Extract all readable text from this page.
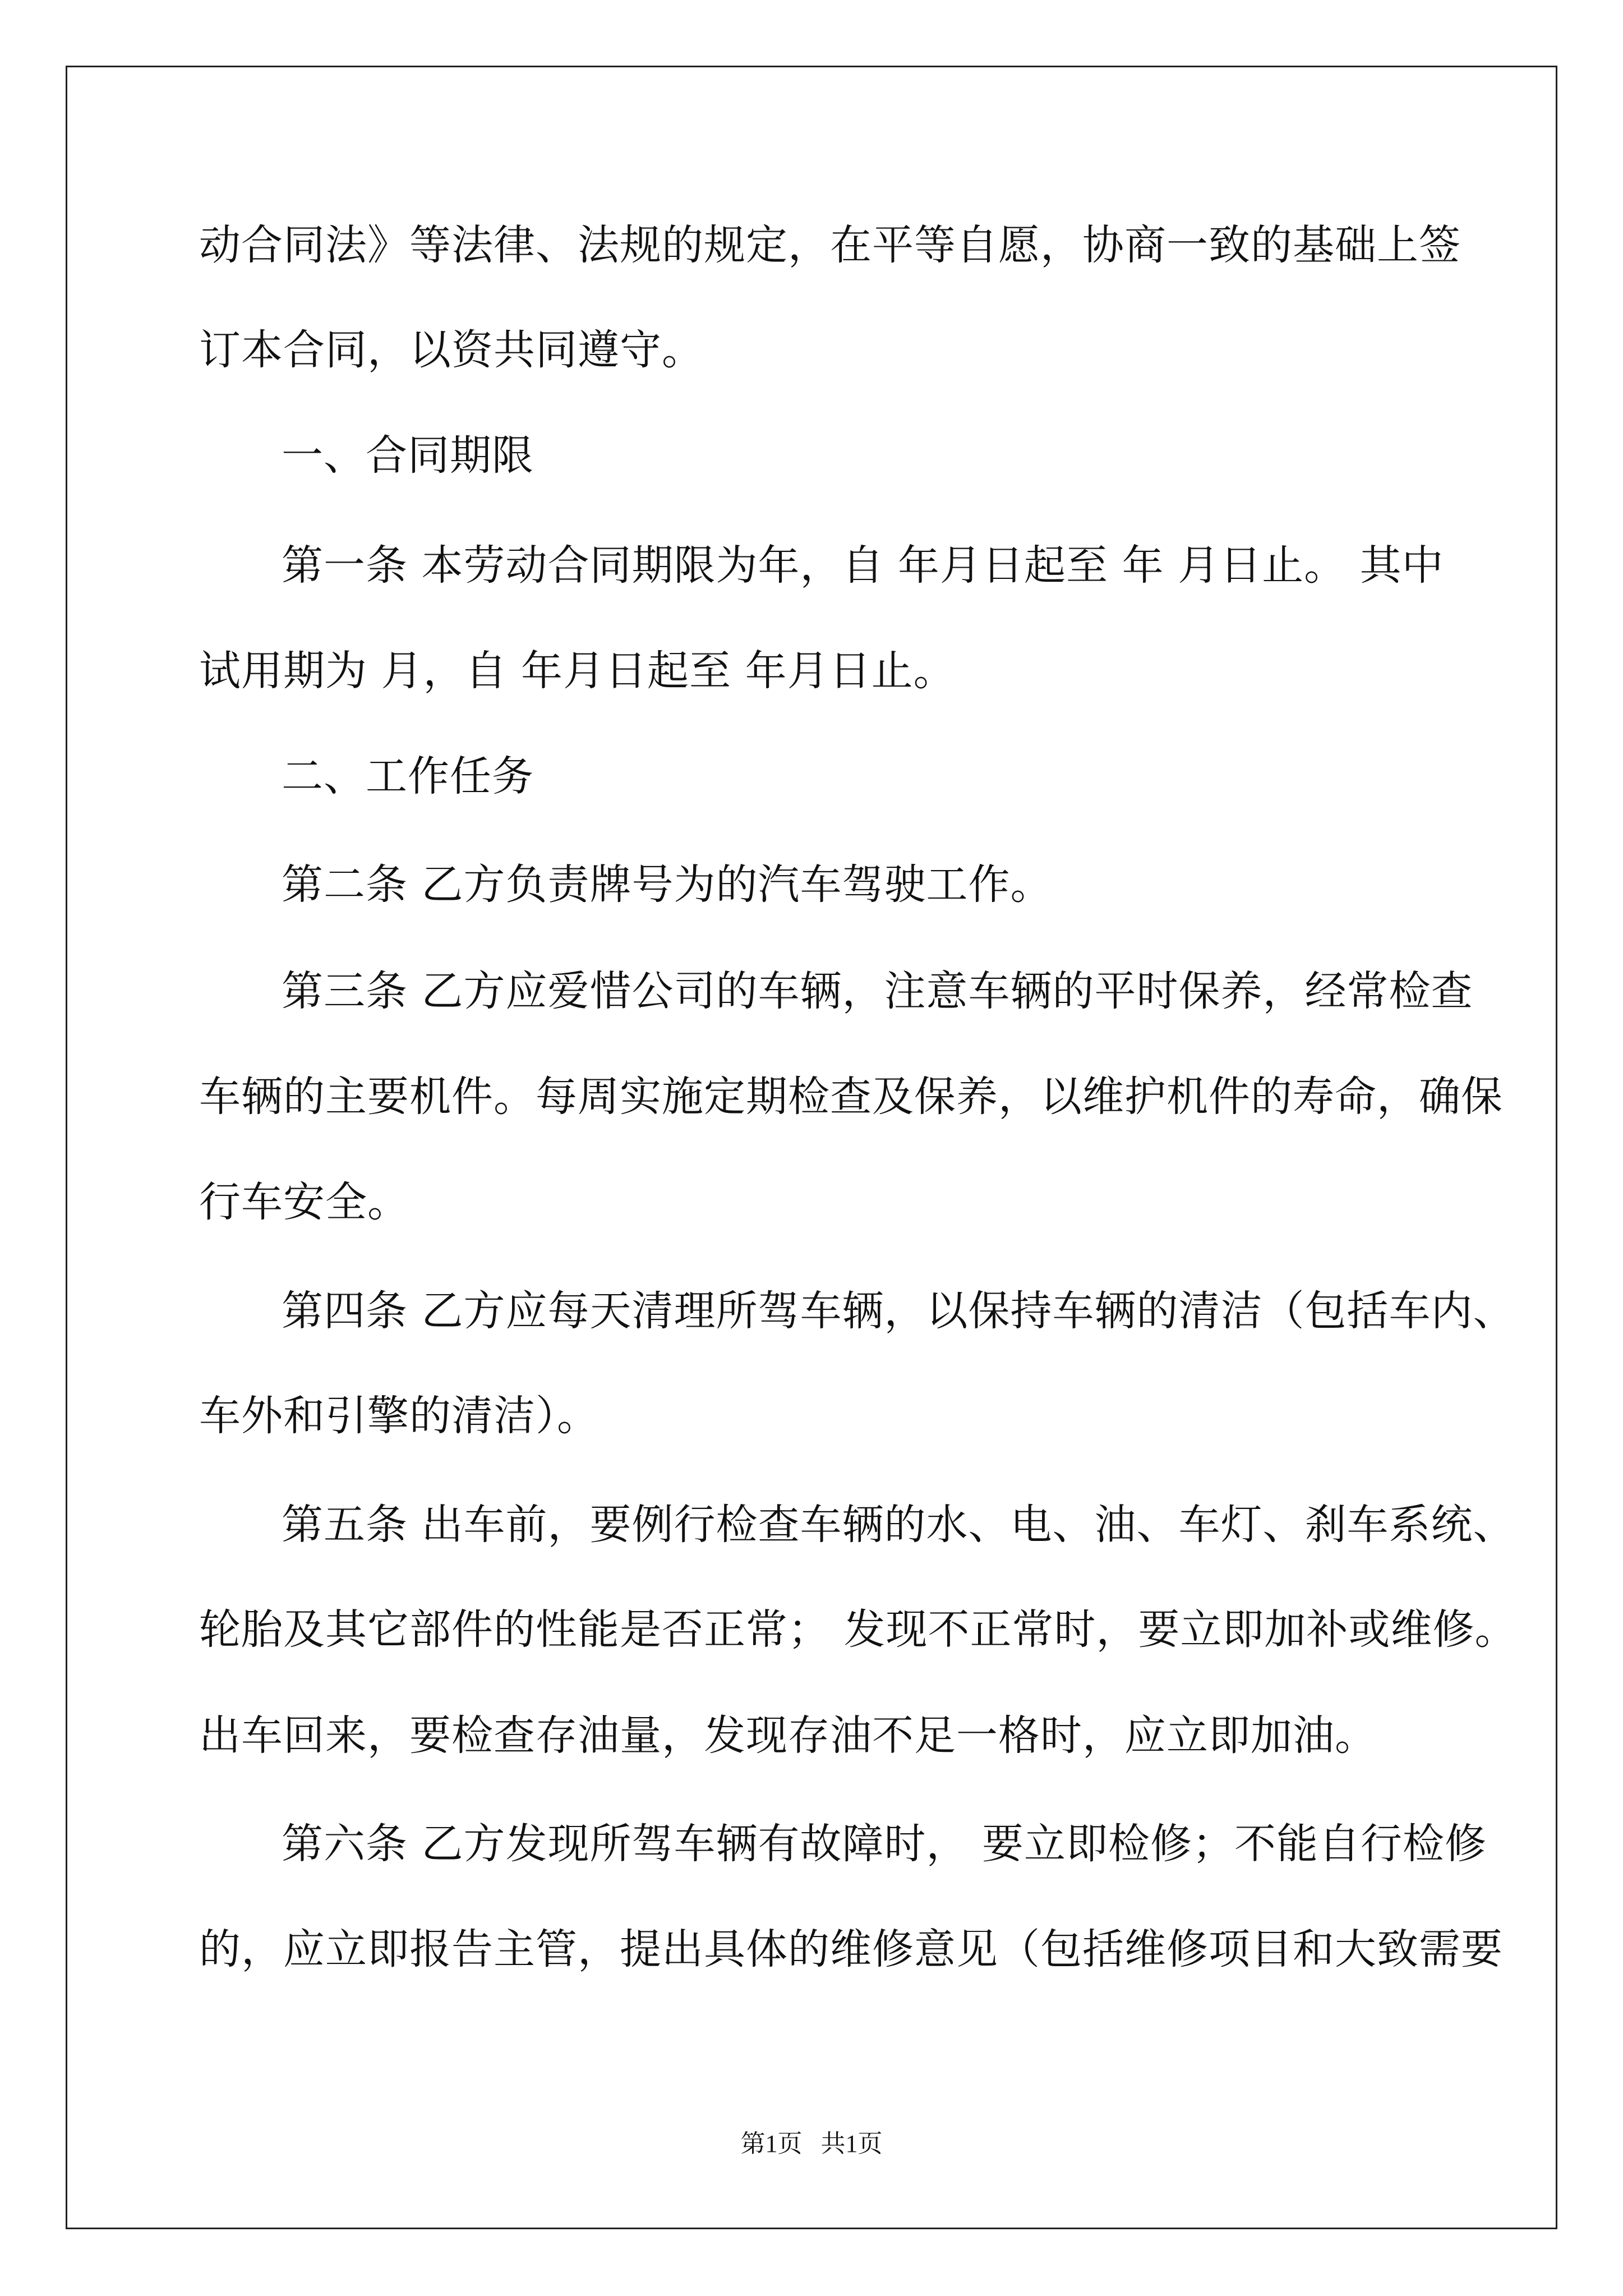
动合同法》等法律、法规的规定，在平等自愿，协商一致的基础上签
订本合同，以资共同遵守。
一、合同期限
第一条 本劳动合同期限为年，自 年月日起至 年 月日止。 其中
试用期为 月，自 年月日起至 年月日止。
二、工作任务
第二条 乙方负责牌号为的汽车驾驶工作。
第三条 乙方应爱惜公司的车辆，注意车辆的平时保养，经常检查
车辆的主要机件。每周实施定期检查及保养，以维护机件的寿命，确保
行车安全。
第四条 乙方应每天清理所驾车辆，以保持车辆的清洁（包括车内、
车外和引擎的清洁）。
第五条 出车前，要例行检查车辆的水、电、油、车灯、刹车系统、
轮胎及其它部件的性能是否正常； 发现不正常时，要立即加补或维修。
出车回来，要检查存油量，发现存油不足一格时，应立即加油。
第六条 乙方发现所驾车辆有故障时， 要立即检修；不能自行检修
的，应立即报告主管，提出具体的维修意见（包括维修项目和大致需要
第1页   共1页
